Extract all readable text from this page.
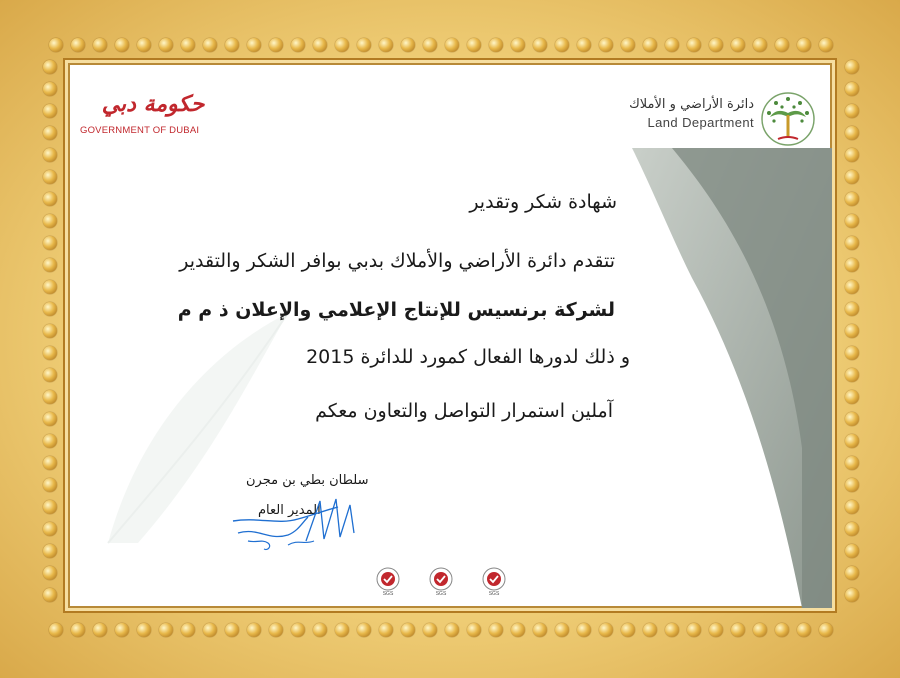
حكومة دبي
GOVERNMENT OF DUBAI
دائرة الأراضي و الأملاك
Land Department
شهادة شكر وتقدير
تتقدم دائرة الأراضي والأملاك بدبي بوافر الشكر والتقدير
لشركة برنسيس للإنتاج الإعلامي والإعلان ذ م م
و ذلك لدورها الفعال كمورد للدائرة 2015
آملين استمرار التواصل والتعاون معكم
سلطان بطي بن مجرن
المدير العام
SGS	SGS	SGS
